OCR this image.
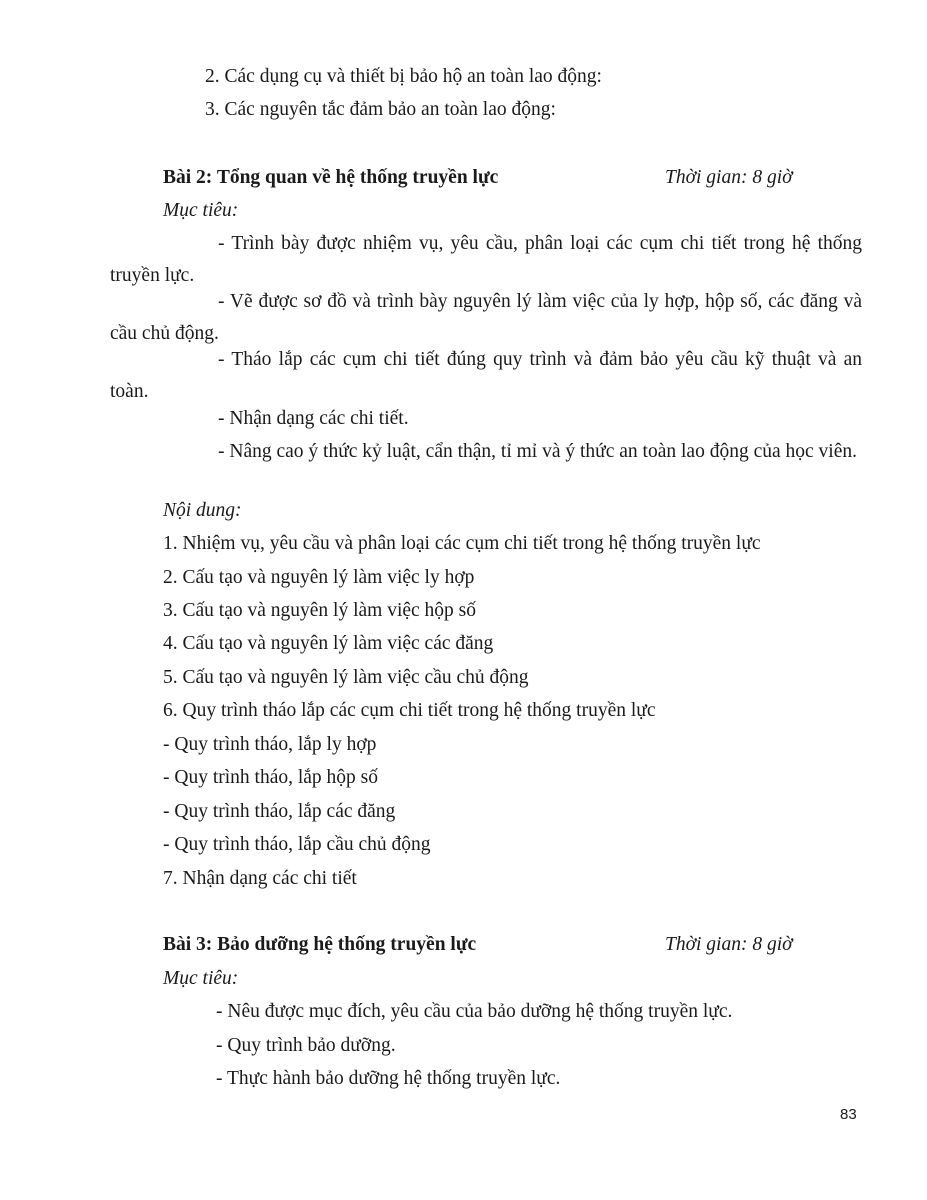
2. Các dụng cụ và thiết bị bảo hộ an toàn lao động:
3. Các nguyên tắc đảm bảo an toàn lao động:
Bài 2: Tổng quan về hệ thống truyền lực	Thời gian: 8 giờ
Mục tiêu:
- Trình bày được nhiệm vụ, yêu cầu, phân loại các cụm chi tiết trong hệ thống truyền lực.
- Vẽ được sơ đồ và trình bày nguyên lý làm việc của ly hợp, hộp số, các đăng và cầu chủ động.
- Tháo lắp các cụm chi tiết đúng quy trình và đảm bảo yêu cầu kỹ thuật và an toàn.
- Nhận dạng các chi tiết.
- Nâng cao ý thức kỷ luật, cẩn thận, tỉ mỉ và ý thức an toàn lao động của học viên.
Nội dung:
1. Nhiệm vụ, yêu cầu và phân loại các cụm chi tiết trong hệ thống truyền lực
2. Cấu tạo và nguyên lý làm việc ly hợp
3. Cấu tạo và nguyên lý làm việc hộp số
4. Cấu tạo và nguyên lý làm việc các đăng
5. Cấu tạo và nguyên lý làm việc cầu chủ động
6. Quy trình tháo lắp các cụm chi tiết trong hệ thống truyền lực
- Quy trình tháo, lắp ly hợp
- Quy trình tháo, lắp hộp số
- Quy trình tháo, lắp các đăng
- Quy trình tháo, lắp cầu chủ động
7. Nhận dạng các chi tiết
Bài 3: Bảo dưỡng hệ thống truyền lực	Thời gian: 8 giờ
Mục tiêu:
- Nêu được mục đích, yêu cầu của bảo dưỡng hệ thống truyền lực.
- Quy trình bảo dưỡng.
- Thực hành bảo dưỡng hệ thống truyền lực.
83
